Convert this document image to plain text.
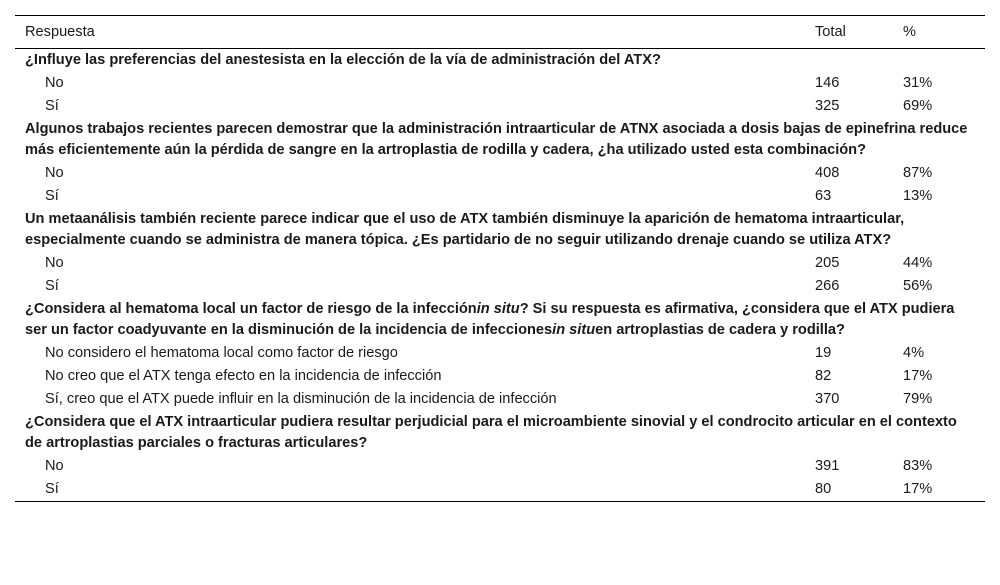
Respuesta	Total	%
¿Influye las preferencias del anestesista en la elección de la vía de administración del ATX?		
No	146	31%
Sí	325	69%
Algunos trabajos recientes parecen demostrar que la administración intraarticular de ATNX asociada a dosis bajas de epinefrina reduce más eficientemente aún la pérdida de sangre en la artroplastia de rodilla y cadera, ¿ha utilizado usted esta combinación?		
No	408	87%
Sí	63	13%
Un metaanálisis también reciente parece indicar que el uso de ATX también disminuye la aparición de hematoma intraarticular, especialmente cuando se administra de manera tópica. ¿Es partidario de no seguir utilizando drenaje cuando se utiliza ATX?		
No	205	44%
Sí	266	56%
¿Considera al hematoma local un factor de riesgo de la infecciónin situ? Si su respuesta es afirmativa, ¿considera que el ATX pudiera ser un factor coadyuvante en la disminución de la incidencia de infeccionesin situen artroplastias de cadera y rodilla?		
No considero el hematoma local como factor de riesgo	19	4%
No creo que el ATX tenga efecto en la incidencia de infección	82	17%
Sí, creo que el ATX puede influir en la disminución de la incidencia de infección	370	79%
¿Considera que el ATX intraarticular pudiera resultar perjudicial para el microambiente sinovial y el condrocito articular en el contexto de artroplastias parciales o fracturas articulares?		
No	391	83%
Sí	80	17%
